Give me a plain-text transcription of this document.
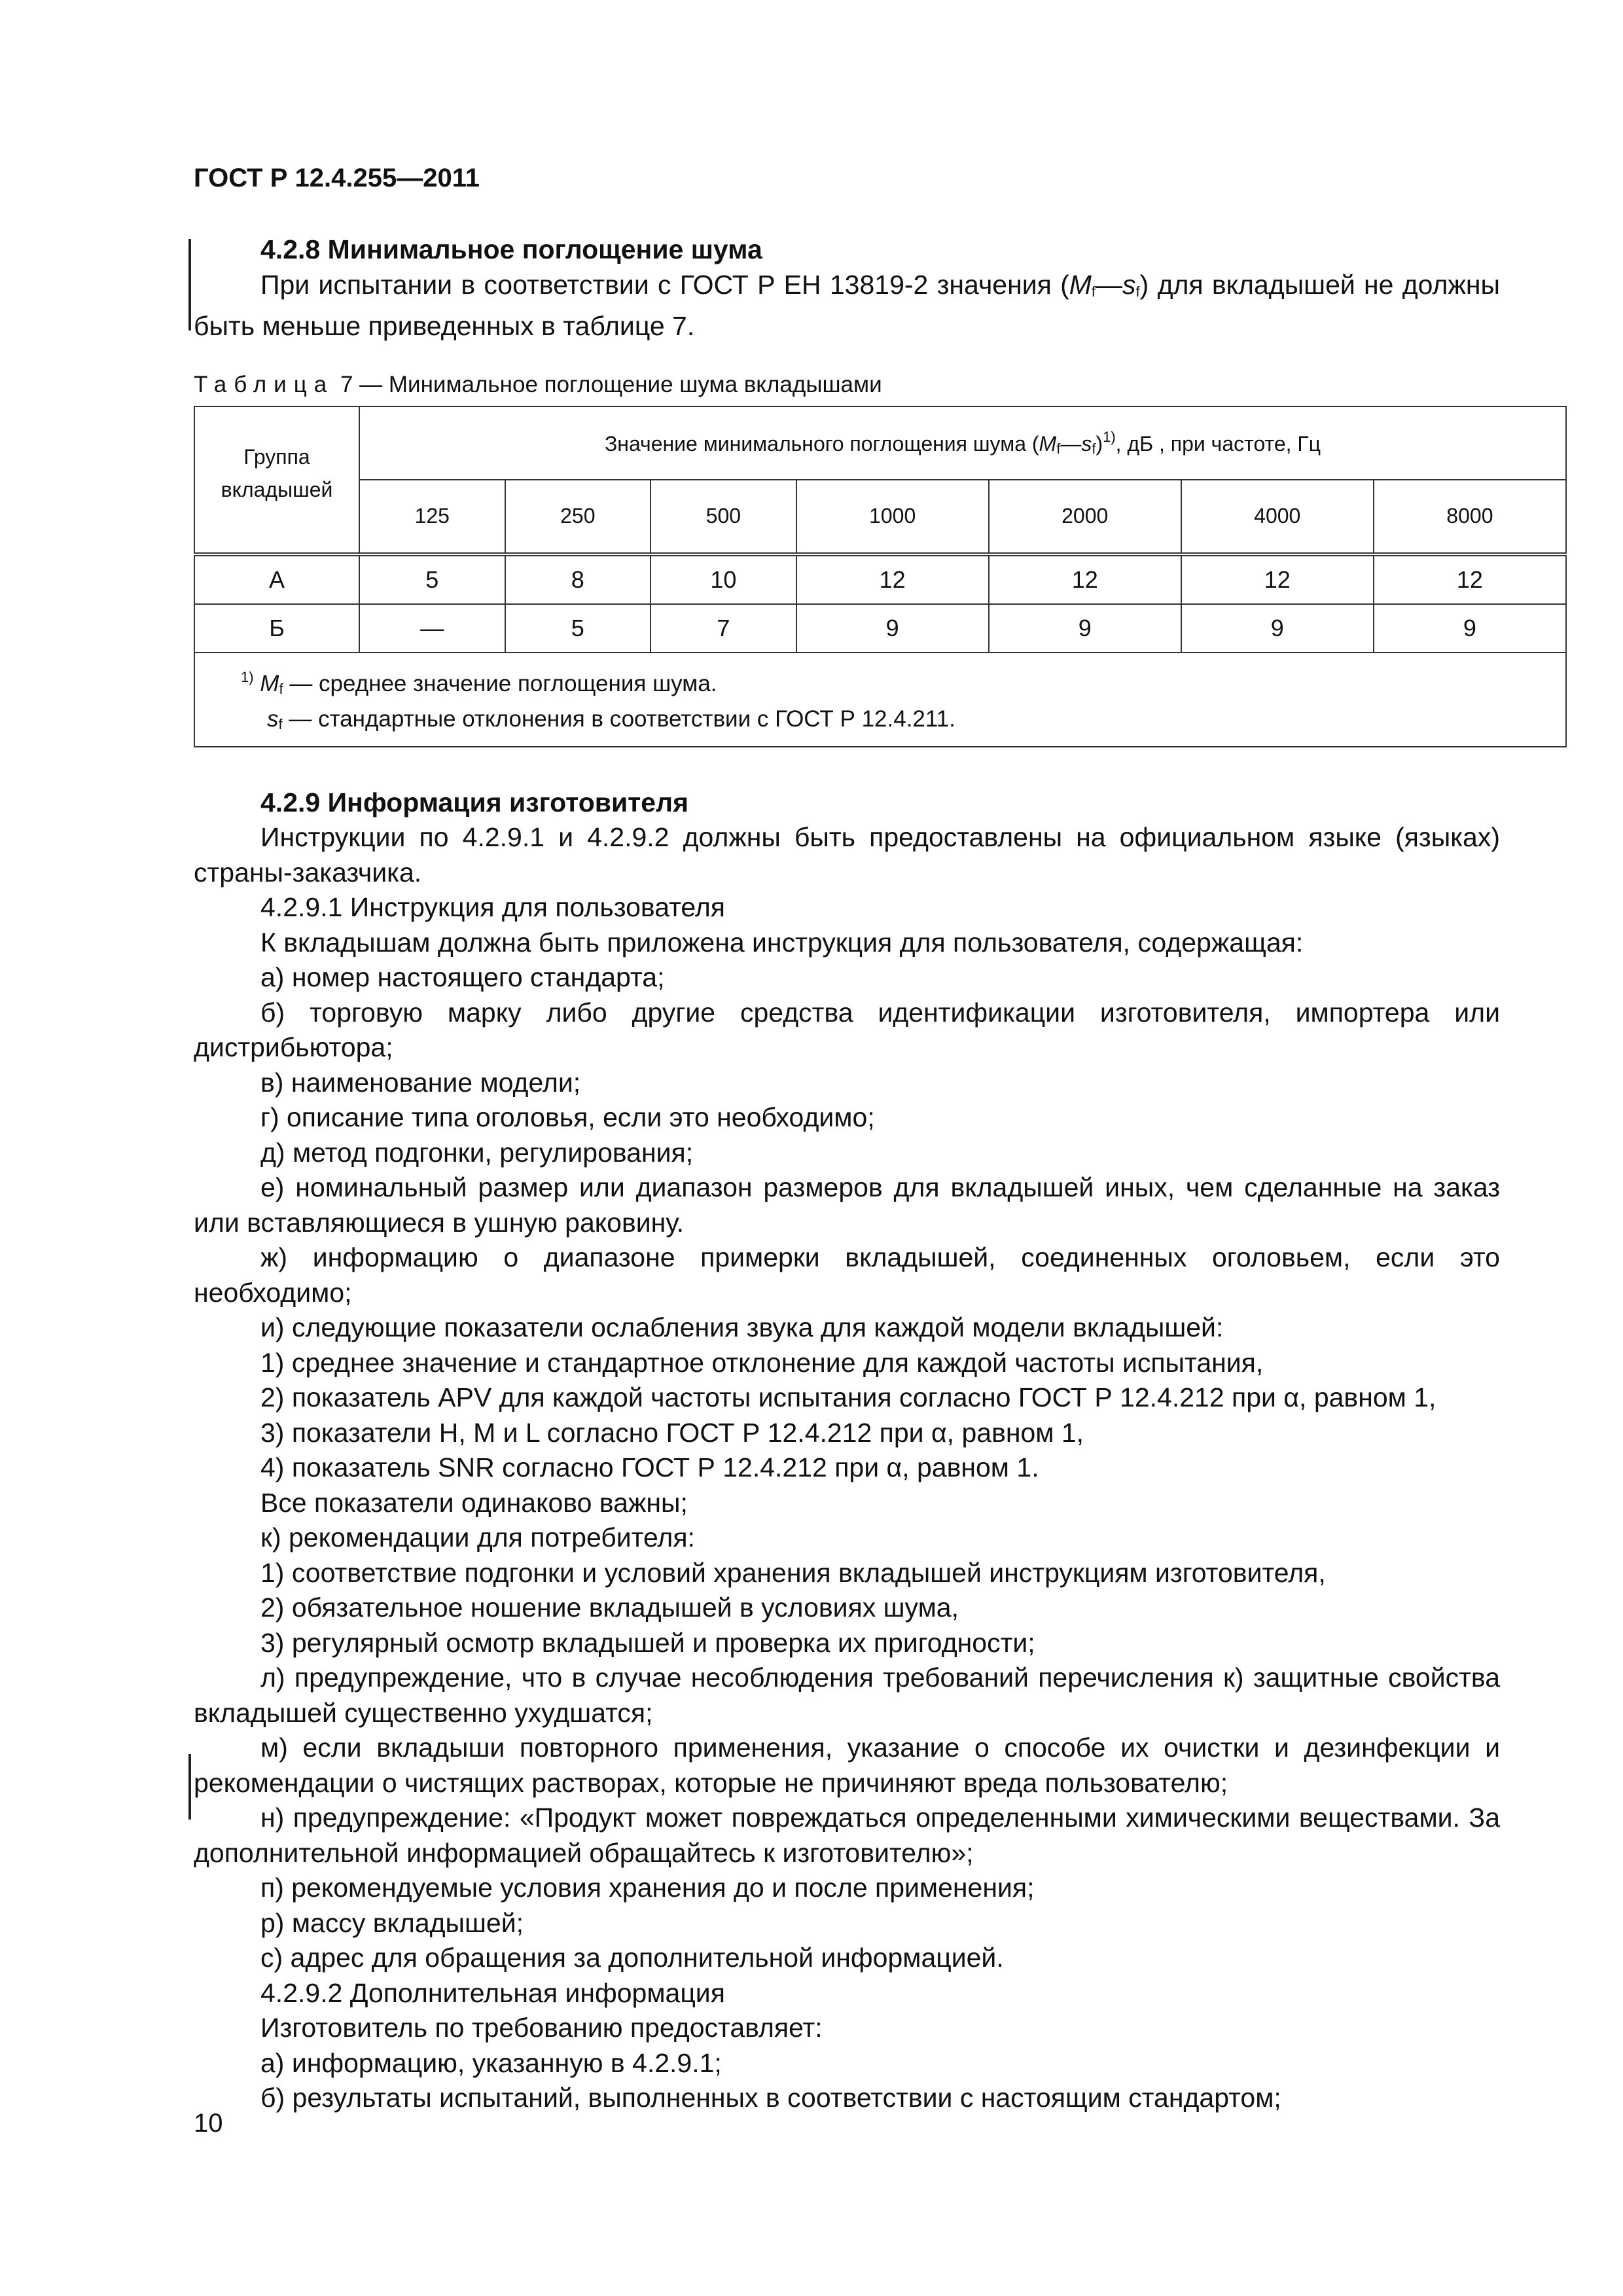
ГОСТ Р 12.4.255—2011

4.2.8 Минимальное поглощение шума

При испытании в соответствии с ГОСТ Р ЕН 13819-2 значения (Mf—sf) для вкладышей не должны быть меньше приведенных в таблице 7.

Таблица 7 — Минимальное поглощение шума вкладышами
Группа вкладышей	Значение минимального поглощения шума (Mf—sf)$^{1)}$, дБ , при частоте, Гц						
	125	250	500	1000	2000	4000	8000
А	5	8	10	12	12	12	12
Б	—	5	7	9	9	9	9

$^{1)}$ Mf — среднее значение поглощения шума.
sf — стандартные отклонения в соответствии с ГОСТ Р 12.4.211.							

4.2.9 Информация изготовителя

Инструкции по 4.2.9.1 и 4.2.9.2 должны быть предоставлены на официальном языке (языках) страны-заказчика.

4.2.9.1 Инструкция для пользователя

К вкладышам должна быть приложена инструкция для пользователя, содержащая:

а) номер настоящего стандарта;

б) торговую марку либо другие средства идентификации изготовителя, импортера или дистрибьютора;

в) наименование модели;

г) описание типа оголовья, если это необходимо;

д) метод подгонки, регулирования;

е) номинальный размер или диапазон размеров для вкладышей иных, чем сделанные на заказ или вставляющиеся в ушную раковину.

ж) информацию о диапазоне примерки вкладышей, соединенных оголовьем, если это необходимо;

и) следующие показатели ослабления звука для каждой модели вкладышей:

1) среднее значение и стандартное отклонение для каждой частоты испытания,

2) показатель APV для каждой частоты испытания согласно ГОСТ Р 12.4.212 при α, равном 1,

3) показатели H, M и L согласно ГОСТ Р 12.4.212 при α, равном 1,

4) показатель SNR согласно ГОСТ Р 12.4.212 при α, равном 1.

Все показатели одинаково важны;

к) рекомендации для потребителя:

1) соответствие подгонки и условий хранения вкладышей инструкциям изготовителя,

2) обязательное ношение вкладышей в условиях шума,

3) регулярный осмотр вкладышей и проверка их пригодности;

л) предупреждение, что в случае несоблюдения требований перечисления к) защитные свойства вкладышей существенно ухудшатся;

м) если вкладыши повторного применения, указание о способе их очистки и дезинфекции и рекомендации о чистящих растворах, которые не причиняют вреда пользователю;

н) предупреждение: «Продукт может повреждаться определенными химическими веществами. За дополнительной информацией обращайтесь к изготовителю»;

п) рекомендуемые условия хранения до и после применения;

р) массу вкладышей;

с) адрес для обращения за дополнительной информацией.

4.2.9.2 Дополнительная информация

Изготовитель по требованию предоставляет:

а) информацию, указанную в 4.2.9.1;

б) результаты испытаний, выполненных в соответствии с настоящим стандартом;

10
